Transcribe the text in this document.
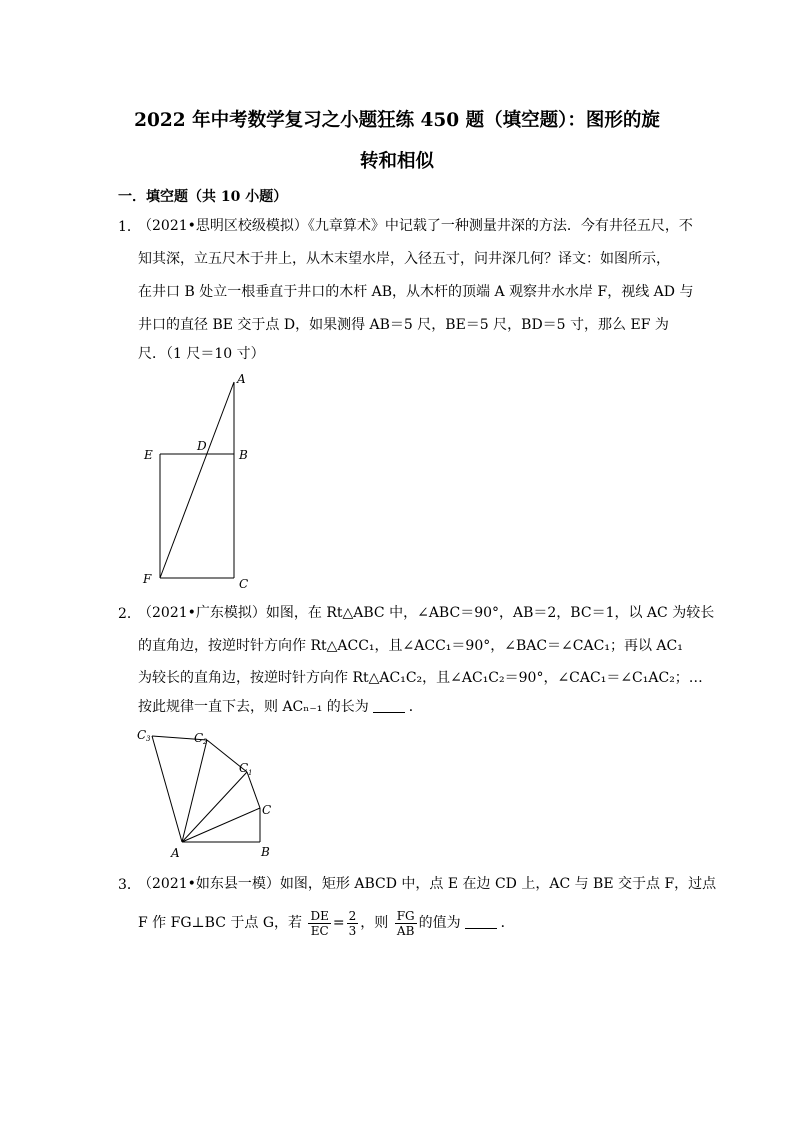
2022 年中考数学复习之小题狂练 450 题（填空题）：图形的旋
转和相似
一．填空题（共 10 小题）
1．
（2021•思明区校级模拟）《九章算术》中记载了一种测量井深的方法．今有井径五尺，不
知其深，立五尺木于井上，从木末望水岸，入径五寸，问井深几何？译文：如图所示，
在井口 B 处立一根垂直于井口的木杆 AB，从木杆的顶端 A 观察井水水岸 F，视线 AD 与
井口的直径 BE 交于点 D，如果测得 AB＝5 尺，BE＝5 尺，BD＝5 寸，那么 EF 为
尺．（1 尺＝10 寸）
A
D
E	B
F	C
2．
（2021•广东模拟）如图，在 Rt△ABC 中，∠ABC＝90°，AB＝2，BC＝1，以 AC 为较长
的直角边，按逆时针方向作 Rt△ACC₁，且∠ACC₁＝90°，∠BAC＝∠CAC₁；再以 AC₁
为较长的直角边，按逆时针方向作 Rt△AC₁C₂，且∠AC₁C₂＝90°，∠CAC₁＝∠C₁AC₂；…
按此规律一直下去，则 ACₙ₋₁ 的长为	．
A	B
C
C 1
C 2
C 3
3．
（2021•如东县一模）如图，矩形 ABCD 中，点 E 在边 CD 上，AC 与 BE 交于点 F，过点
F 作 FG⊥BC 于点 G，若 $\frac{DE}{EC} = \frac{2}{3}$ ，则 $\frac{FG}{AB}$ 的值为	．
